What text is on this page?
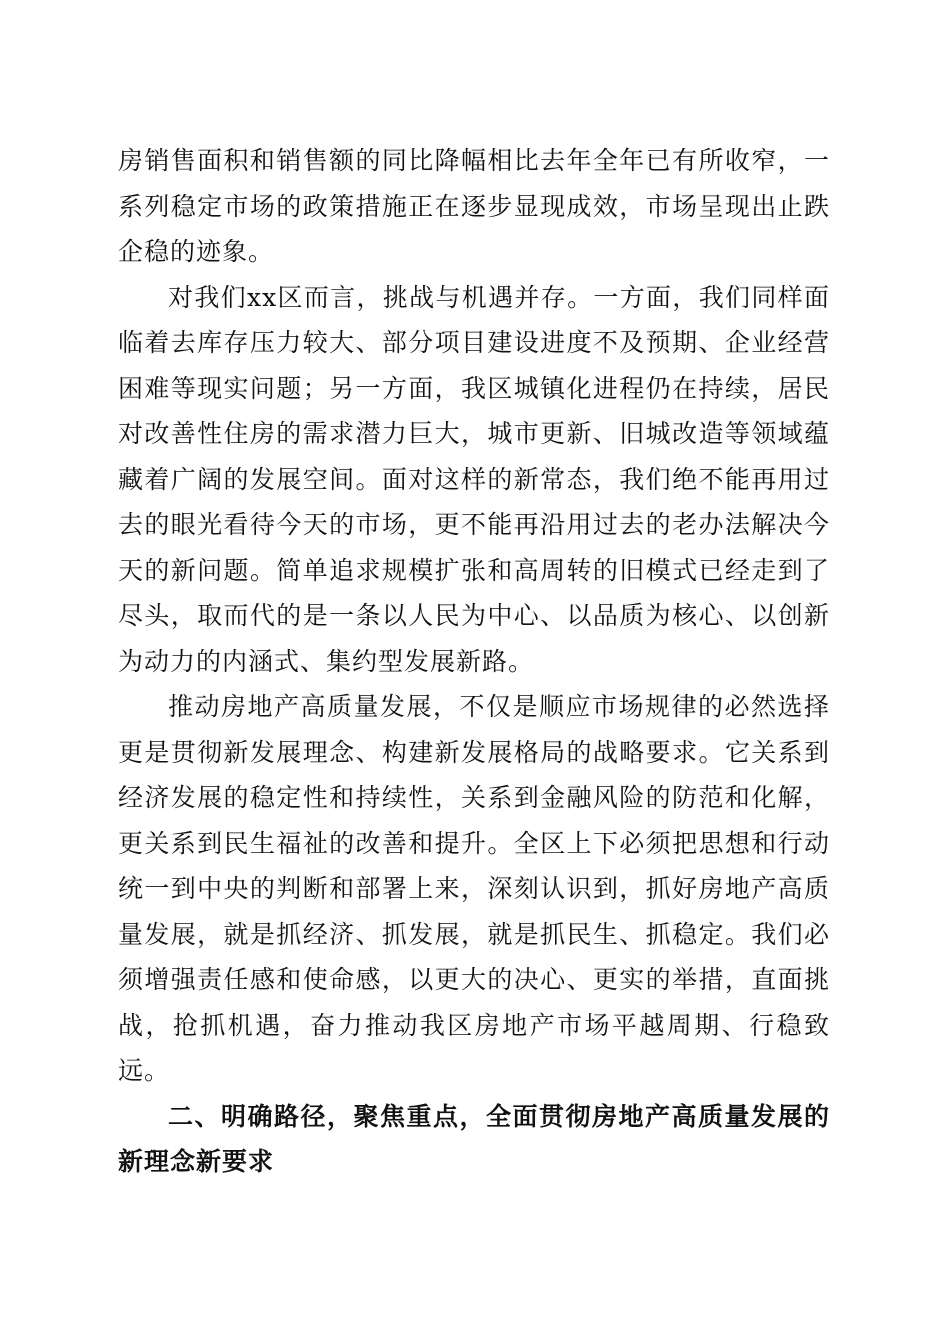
房销售面积和销售额的同比降幅相比去年全年已有所收窄，一系列稳定市场的政策措施正在逐步显现成效，市场呈现出止跌企稳的迹象。

对我们xx区而言，挑战与机遇并存。一方面，我们同样面临着去库存压力较大、部分项目建设进度不及预期、企业经营困难等现实问题；另一方面，我区城镇化进程仍在持续，居民对改善性住房的需求潜力巨大，城市更新、旧城改造等领域蕴藏着广阔的发展空间。面对这样的新常态，我们绝不能再用过去的眼光看待今天的市场，更不能再沿用过去的老办法解决今天的新问题。简单追求规模扩张和高周转的旧模式已经走到了尽头，取而代的是一条以人民为中心、以品质为核心、以创新为动力的内涵式、集约型发展新路。

推动房地产高质量发展，不仅是顺应市场规律的必然选择更是贯彻新发展理念、构建新发展格局的战略要求。它关系到经济发展的稳定性和持续性，关系到金融风险的防范和化解，更关系到民生福祉的改善和提升。全区上下必须把思想和行动统一到中央的判断和部署上来，深刻认识到，抓好房地产高质量发展，就是抓经济、抓发展，就是抓民生、抓稳定。我们必须增强责任感和使命感，以更大的决心、更实的举措，直面挑战，抢抓机遇，奋力推动我区房地产市场平越周期、行稳致远。

二、明确路径，聚焦重点，全面贯彻房地产高质量发展的新理念新要求
